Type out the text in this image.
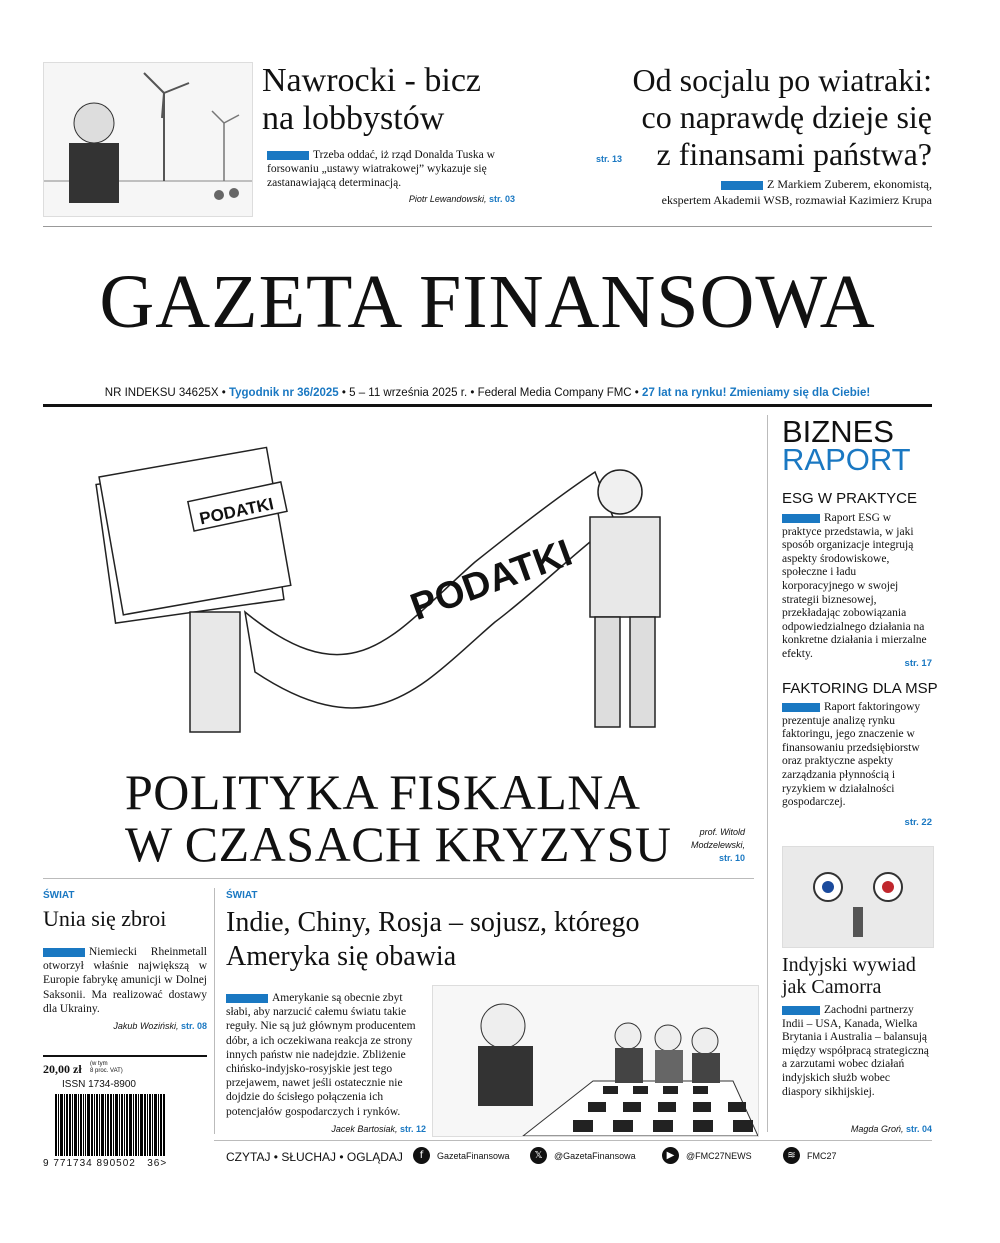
Nawrocki - bicz
na lobbystów
Trzeba oddać, iż rząd Donalda Tuska w forsowaniu „ustawy wiatrakowej” wykazuje się zastanawiającą determinacją.
Piotr Lewandowski, str. 03
str. 13
Od socjalu po wiatraki:
co naprawdę dzieje się
z finansami państwa?
Z Markiem Zuberem, ekonomistą,
ekspertem Akademii WSB, rozmawiał Kazimierz Krupa
GAZETA FINANSOWA
NR INDEKSU 34625X • Tygodnik nr 36/2025 • 5 – 11 września 2025 r. • Federal Media Company FMC • 27 lat na rynku! Zmieniamy się dla Ciebie!
PODATKI
PODATKI
POLITYKA FISKALNA
W CZASACH KRYZYSU	prof. Witold
Modzelewski,
str. 10
BIZNES
RAPORT
ESG W PRAKTYCE
Raport ESG w praktyce przedstawia, w jaki sposób organizacje integrują aspekty środowiskowe, społeczne i ładu korporacyjnego w swojej strategii biznesowej, przekładając zobowiązania odpowiedzialnego działania na konkretne działania i mierzalne efekty.
str. 17
FAKTORING DLA MSP
Raport faktoringowy prezentuje analizę rynku faktoringu, jego znaczenie w finansowaniu przedsiębiorstw oraz praktyczne aspekty zarządzania płynnością i ryzykiem w działalności gospodarczej.
str. 22
Indyjski wywiad
jak Camorra
Zachodni partnerzy Indii – USA, Kanada, Wielka Brytania i Australia – balansują między współpracą strategiczną a zarzutami wobec działań indyjskich służb wobec diaspory sikhijskiej.
Magda Groń, str. 04
ŚWIAT
Unia się zbroi
Niemiecki Rheinmetall otworzył właśnie największą w Europie fabrykę amunicji w Dolnej Saksonii. Ma realizować dostawy dla Ukrainy.
Jakub Woziński, str. 08
20,00 zł (w tym
8 proc. VAT)
ISSN 1734-8900
9 771734 890502   36>
ŚWIAT
Indie, Chiny, Rosja – sojusz, którego
Ameryka się obawia
Amerykanie są obecnie zbyt słabi, aby narzucić całemu światu takie reguły. Nie są już głównym producentem dóbr, a ich oczekiwana reakcja ze strony innych państw nie nadejdzie. Zbliżenie chińsko-indyjsko-rosyjskie jest tego przejawem, nawet jeśli ostatecznie nie dojdzie do ścisłego połączenia ich potencjałów gospodarczych i rynków.
Jacek Bartosiak, str. 12
CZYTAJ • SŁUCHAJ • OGLĄDAJ	f	GazetaFinansowa	𝕏	@GazetaFinansowa	▶	@FMC27NEWS	≋	FMC27
